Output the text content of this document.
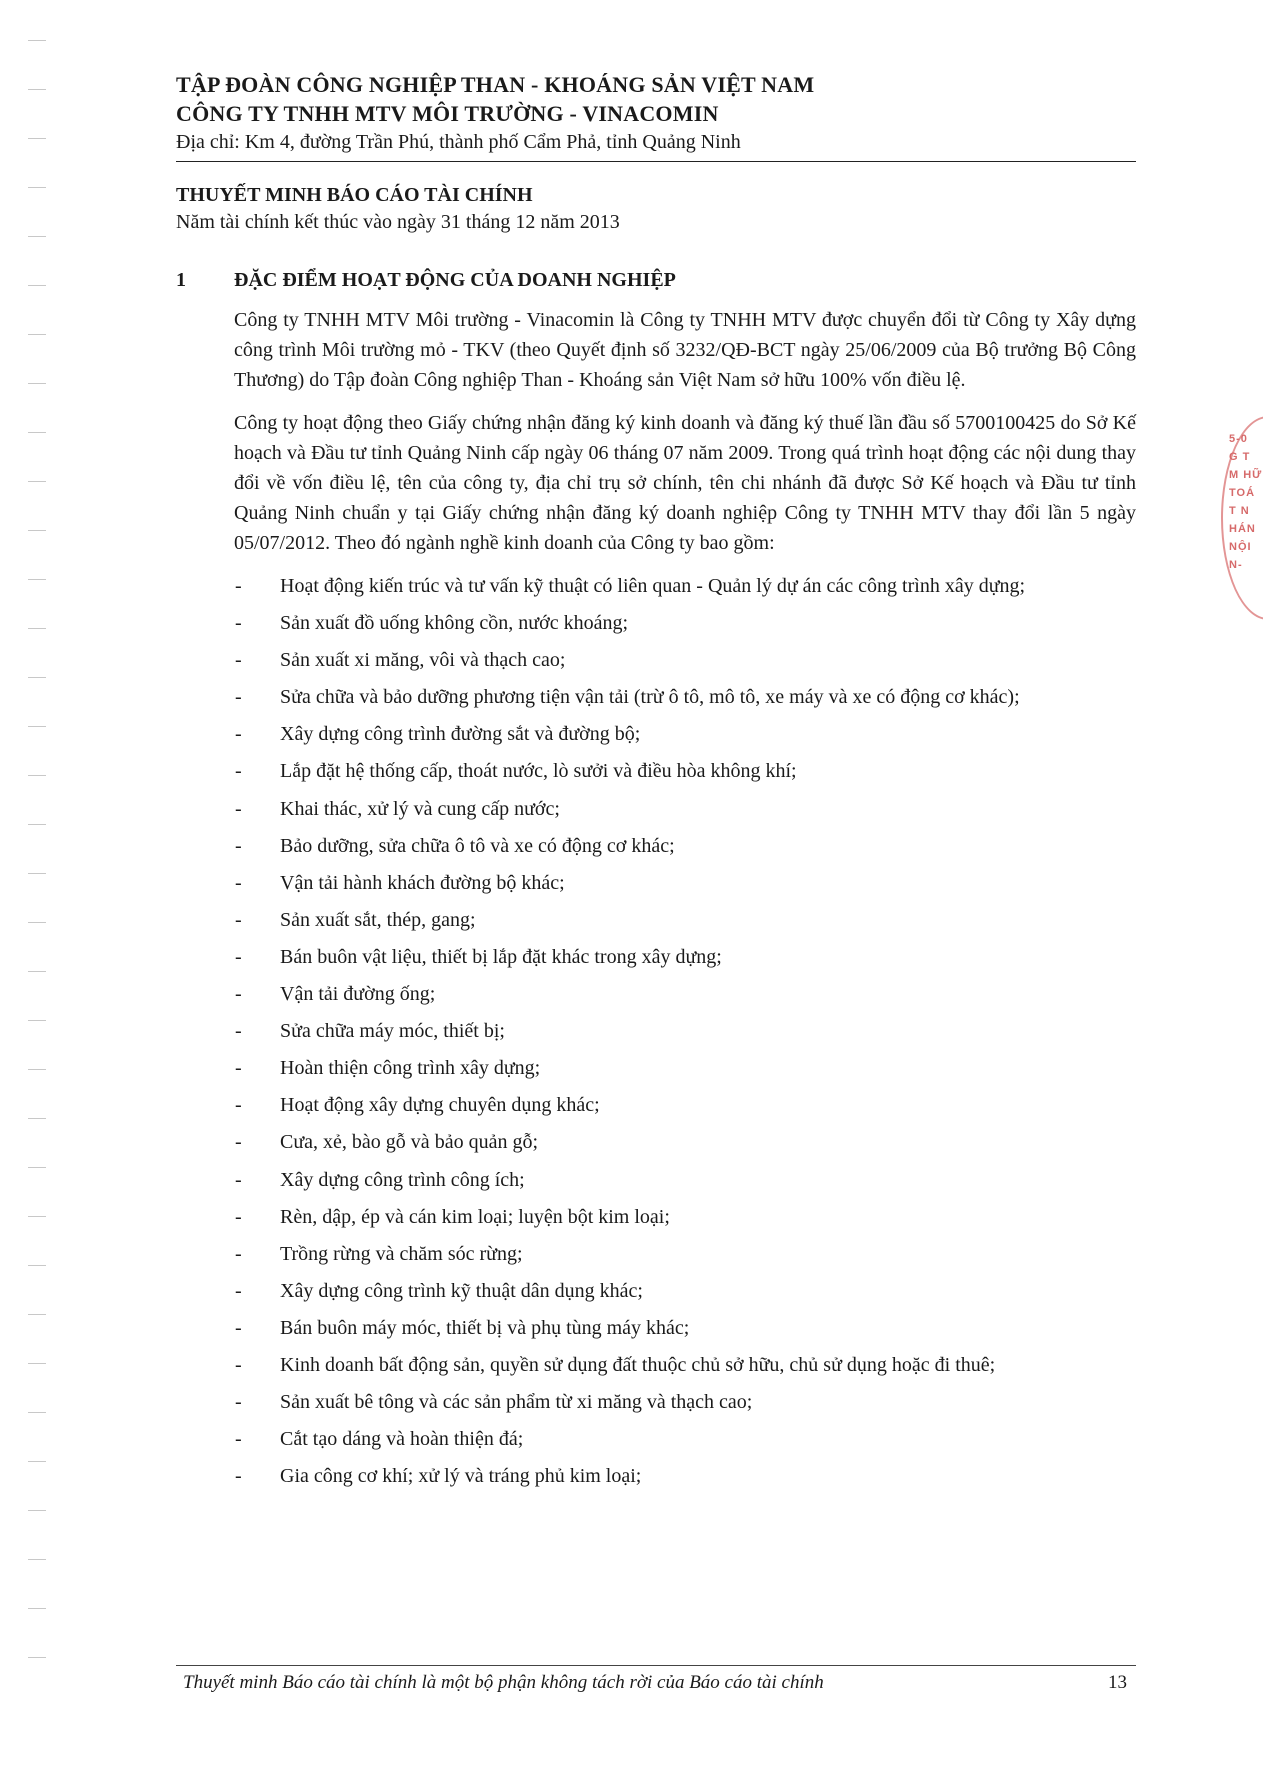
TẬP ĐOÀN CÔNG NGHIỆP THAN - KHOÁNG SẢN VIỆT NAM
CÔNG TY TNHH MTV MÔI TRƯỜNG - VINACOMIN
Địa chỉ: Km 4, đường Trần Phú, thành phố Cẩm Phả, tỉnh Quảng Ninh
THUYẾT MINH BÁO CÁO TÀI CHÍNH
Năm tài chính kết thúc vào ngày 31 tháng 12 năm 2013
1 ĐẶC ĐIỂM HOẠT ĐỘNG CỦA DOANH NGHIỆP

Công ty TNHH MTV Môi trường - Vinacomin là Công ty TNHH MTV được chuyển đổi từ Công ty Xây dựng công trình Môi trường mỏ - TKV (theo Quyết định số 3232/QĐ-BCT ngày 25/06/2009 của Bộ trưởng Bộ Công Thương) do Tập đoàn Công nghiệp Than - Khoáng sản Việt Nam sở hữu 100% vốn điều lệ.

Công ty hoạt động theo Giấy chứng nhận đăng ký kinh doanh và đăng ký thuế lần đầu số 5700100425 do Sở Kế hoạch và Đầu tư tỉnh Quảng Ninh cấp ngày 06 tháng 07 năm 2009. Trong quá trình hoạt động các nội dung thay đổi về vốn điều lệ, tên của công ty, địa chỉ trụ sở chính, tên chi nhánh đã được Sở Kế hoạch và Đầu tư tỉnh Quảng Ninh chuẩn y tại Giấy chứng nhận đăng ký doanh nghiệp Công ty TNHH MTV thay đổi lần 5 ngày 05/07/2012. Theo đó ngành nghề kinh doanh của Công ty bao gồm:

- Hoạt động kiến trúc và tư vấn kỹ thuật có liên quan - Quản lý dự án các công trình xây dựng;
- Sản xuất đồ uống không cồn, nước khoáng;
- Sản xuất xi măng, vôi và thạch cao;
- Sửa chữa và bảo dưỡng phương tiện vận tải (trừ ô tô, mô tô, xe máy và xe có động cơ khác);
- Xây dựng công trình đường sắt và đường bộ;
- Lắp đặt hệ thống cấp, thoát nước, lò sưởi và điều hòa không khí;
- Khai thác, xử lý và cung cấp nước;
- Bảo dưỡng, sửa chữa ô tô và xe có động cơ khác;
- Vận tải hành khách đường bộ khác;
- Sản xuất sắt, thép, gang;
- Bán buôn vật liệu, thiết bị lắp đặt khác trong xây dựng;
- Vận tải đường ống;
- Sửa chữa máy móc, thiết bị;
- Hoàn thiện công trình xây dựng;
- Hoạt động xây dựng chuyên dụng khác;
- Cưa, xẻ, bào gỗ và bảo quản gỗ;
- Xây dựng công trình công ích;
- Rèn, dập, ép và cán kim loại; luyện bột kim loại;
- Trồng rừng và chăm sóc rừng;
- Xây dựng công trình kỹ thuật dân dụng khác;
- Bán buôn máy móc, thiết bị và phụ tùng máy khác;
- Kinh doanh bất động sản, quyền sử dụng đất thuộc chủ sở hữu, chủ sử dụng hoặc đi thuê;
- Sản xuất bê tông và các sản phẩm từ xi măng và thạch cao;
- Cắt tạo dáng và hoàn thiện đá;
- Gia công cơ khí; xử lý và tráng phủ kim loại;
5-0
G T
M HỮ
TOÁ
T N
HÁN
NỘI
N-
Thuyết minh Báo cáo tài chính là một bộ phận không tách rời của Báo cáo tài chính	13
